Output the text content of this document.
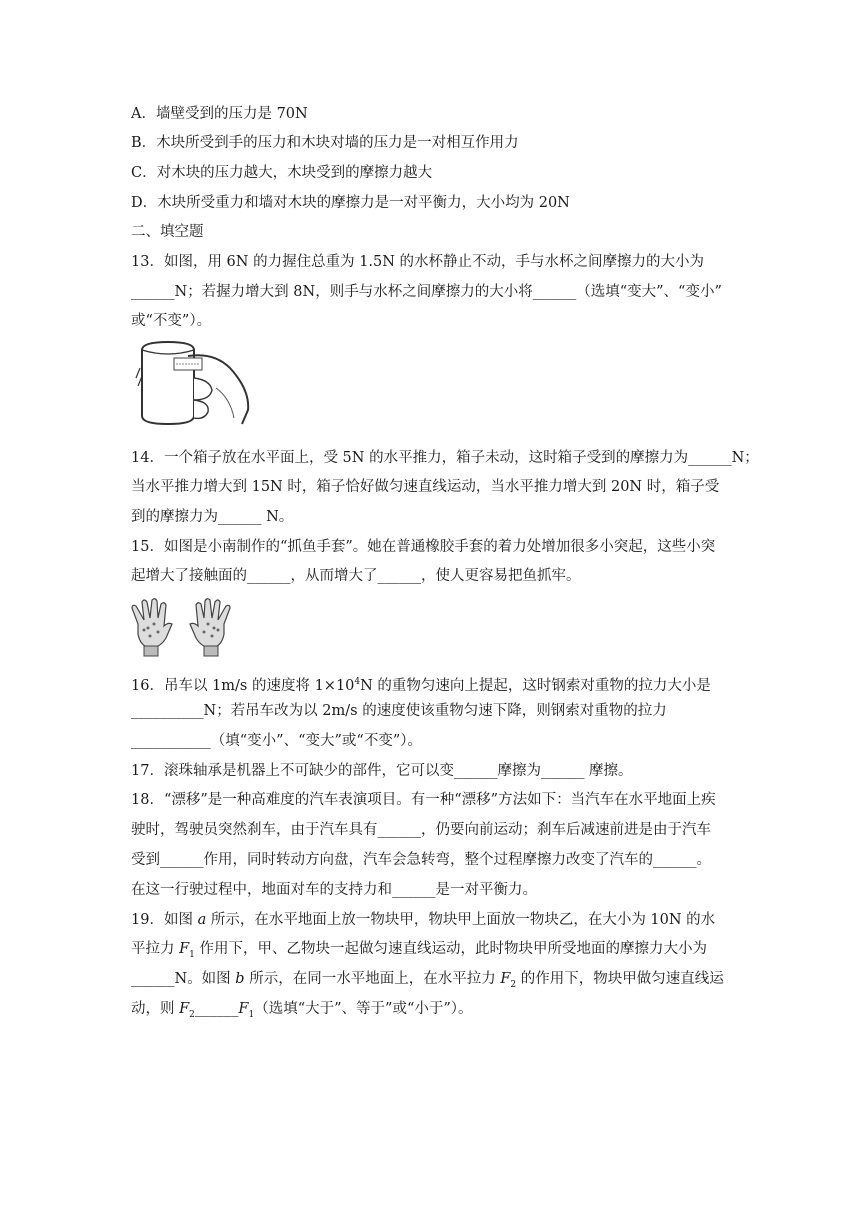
A．墙壁受到的压力是 70N
B．木块所受到手的压力和木块对墙的压力是一对相互作用力
C．对木块的压力越大，木块受到的摩擦力越大
D．木块所受重力和墙对木块的摩擦力是一对平衡力，大小均为 20N
二、填空题
13．如图，用 6N 的力握住总重为 1.5N 的水杯静止不动，手与水杯之间摩擦力的大小为
______N；若握力增大到 8N，则手与水杯之间摩擦力的大小将______（选填“变大”、“变小”
或“不变”）。
14．一个箱子放在水平面上，受 5N 的水平推力，箱子未动，这时箱子受到的摩擦力为______N；
当水平推力增大到 15N 时，箱子恰好做匀速直线运动，当水平推力增大到 20N 时，箱子受
到的摩擦力为______ N。
15．如图是小南制作的“抓鱼手套”。她在普通橡胶手套的着力处增加很多小突起，这些小突
起增大了接触面的______，从而增大了______，使人更容易把鱼抓牢。
16．吊车以 1m/s 的速度将 $1\times 10^4N$ 的重物匀速向上提起，这时钢索对重物的拉力大小是
__________N；若吊车改为以 2m/s 的速度使该重物匀速下降，则钢索对重物的拉力
___________（填“变小”、“变大”或“不变”）。
17．滚珠轴承是机器上不可缺少的部件，它可以变______摩擦为______ 摩擦。
18．“漂移”是一种高难度的汽车表演项目。有一种“漂移”方法如下：当汽车在水平地面上疾
驶时，驾驶员突然刹车，由于汽车具有______，仍要向前运动；刹车后减速前进是由于汽车
受到______作用，同时转动方向盘，汽车会急转弯，整个过程摩擦力改变了汽车的______。
在这一行驶过程中，地面对车的支持力和______是一对平衡力。
19．如图 a 所示，在水平地面上放一物块甲，物块甲上面放一物块乙，在大小为 10N 的水
平拉力 $F_1$ 作用下，甲、乙物块一起做匀速直线运动，此时物块甲所受地面的摩擦力大小为
______N。如图 b 所示，在同一水平地面上，在水平拉力 $F_2$ 的作用下，物块甲做匀速直线运
动，则 $F_2\_\_\_\_\_\_F_1$（选填“大于”、等于”或“小于”）。
